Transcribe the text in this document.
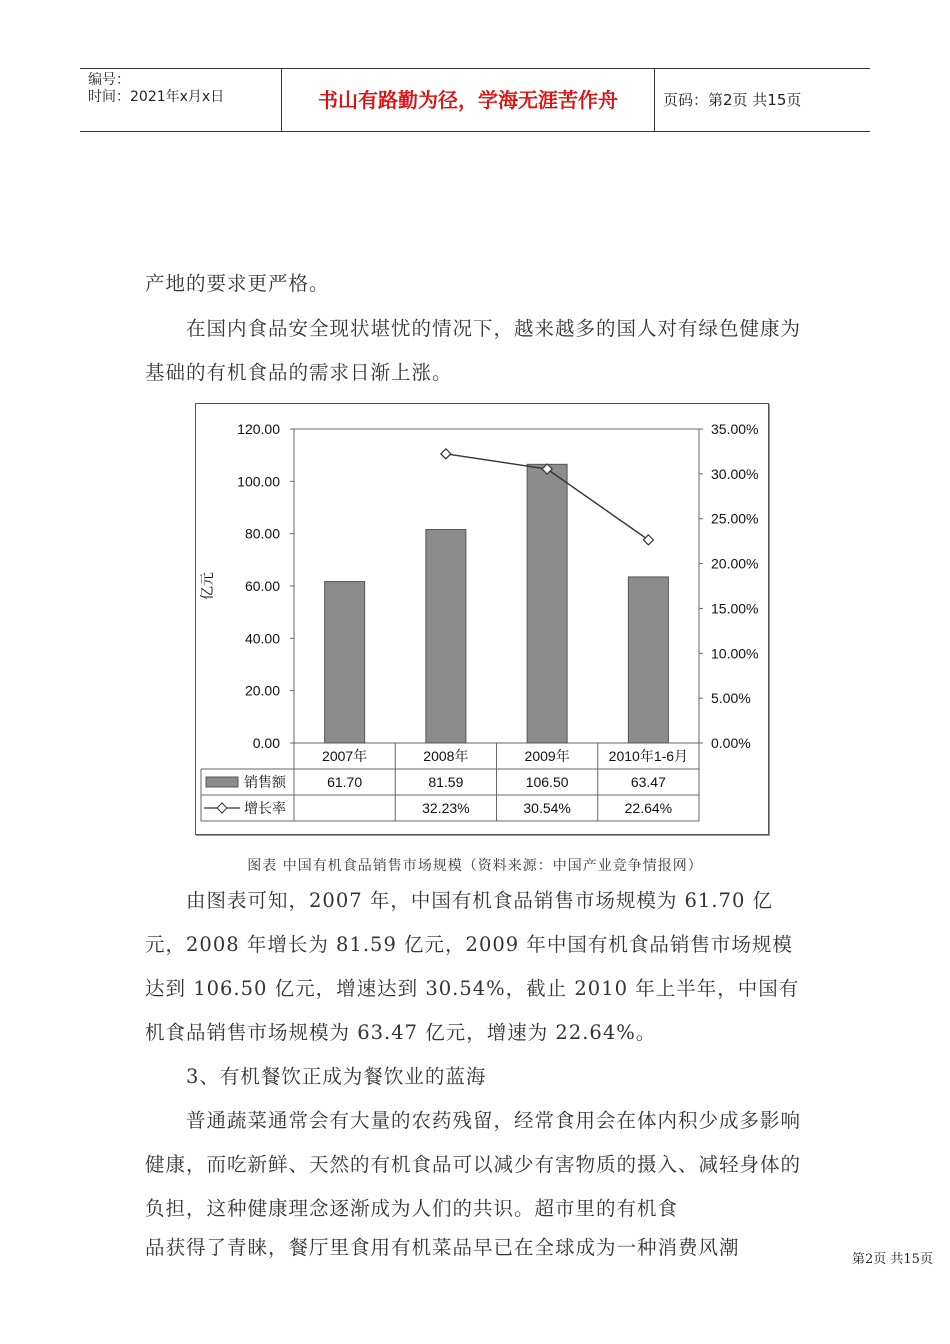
编号：
时间：2021年x月x日	书山有路勤为径，学海无涯苦作舟	页码：第2页 共15页

产地的要求更严格。

　　在国内食品安全现状堪忧的情况下，越来越多的国人对有绿色健康为基础的有机食品的需求日渐上涨。

0.00
20.00
40.00
60.00
80.00
100.00
120.00
0.00%
5.00%
10.00%
15.00%
20.00%
25.00%
30.00%
35.00%
亿元
2007年
61.70
2008年
81.59
32.23%
2009年
106.50
30.54%
2010年1-6月
63.47
22.64%
销售额
增长率
图表 中国有机食品销售市场规模（资料来源：中国产业竞争情报网）

　　由图表可知，2007 年，中国有机食品销售市场规模为 61.70 亿元，2008 年增长为 81.59 亿元，2009 年中国有机食品销售市场规模达到 106.50 亿元，增速达到 30.54%，截止 2010 年上半年，中国有机食品销售市场规模为 63.47 亿元，增速为 22.64%。

　　3、有机餐饮正成为餐饮业的蓝海

　　普通蔬菜通常会有大量的农药残留，经常食用会在体内积少成多影响健康，而吃新鲜、天然的有机食品可以减少有害物质的摄入、减轻身体的负担，这种健康理念逐渐成为人们的共识。超市里的有机食

品获得了青睐，餐厅里食用有机菜品早已在全球成为一种消费风潮

第2页 共15页
